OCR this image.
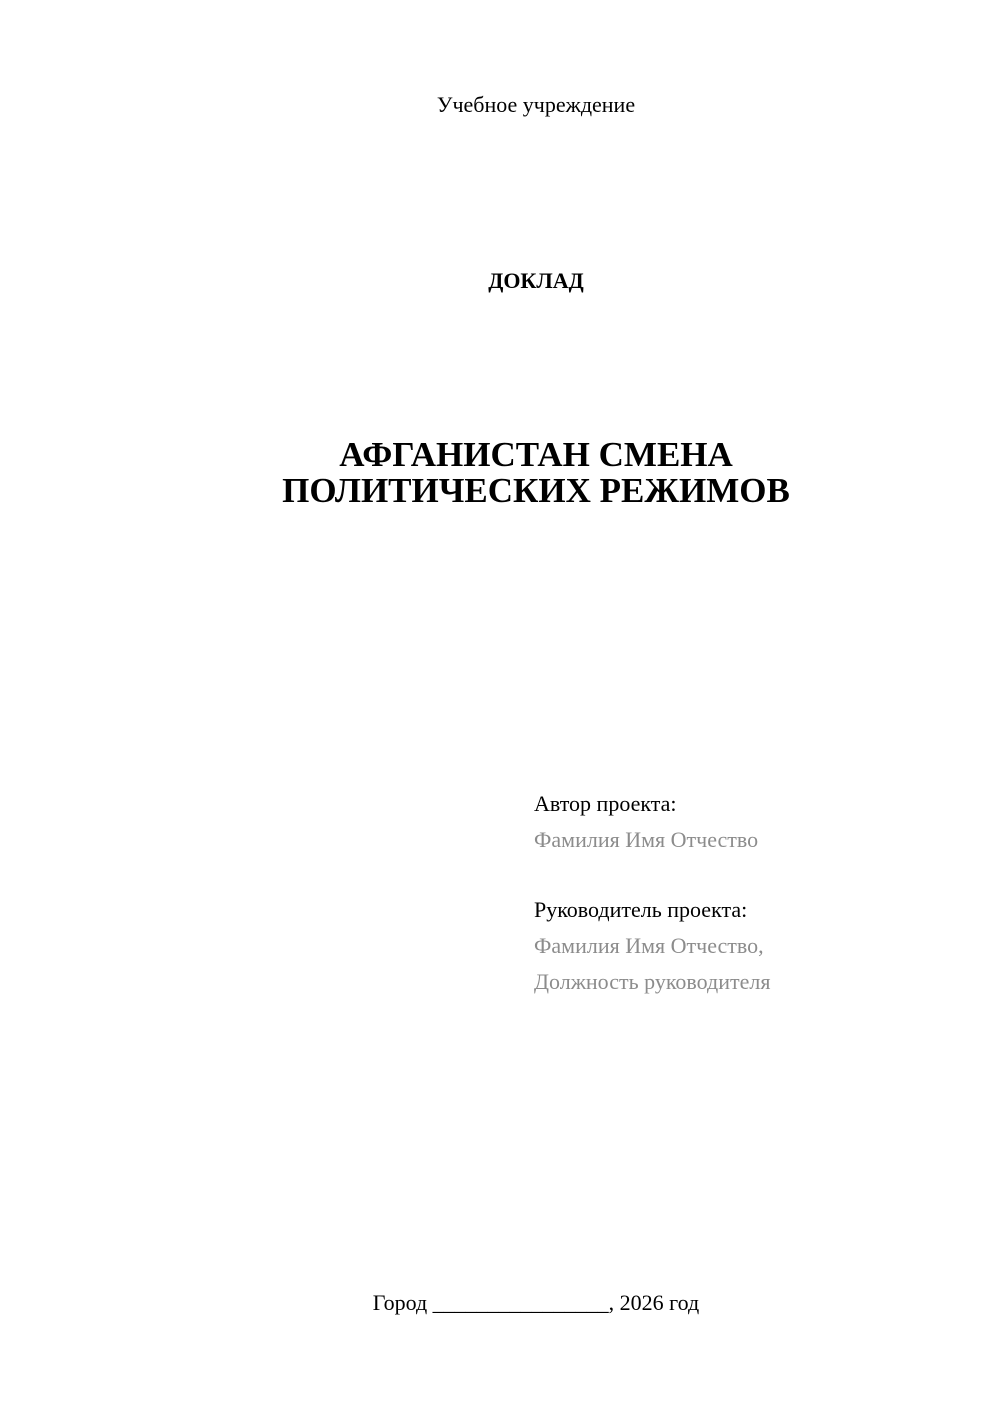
Учебное учреждение
ДОКЛАД
АФГАНИСТАН СМЕНА
ПОЛИТИЧЕСКИХ РЕЖИМОВ
Автор проекта:
Фамилия Имя Отчество
Руководитель проекта:
Фамилия Имя Отчество,
Должность руководителя
Город ________________, 2026 год
